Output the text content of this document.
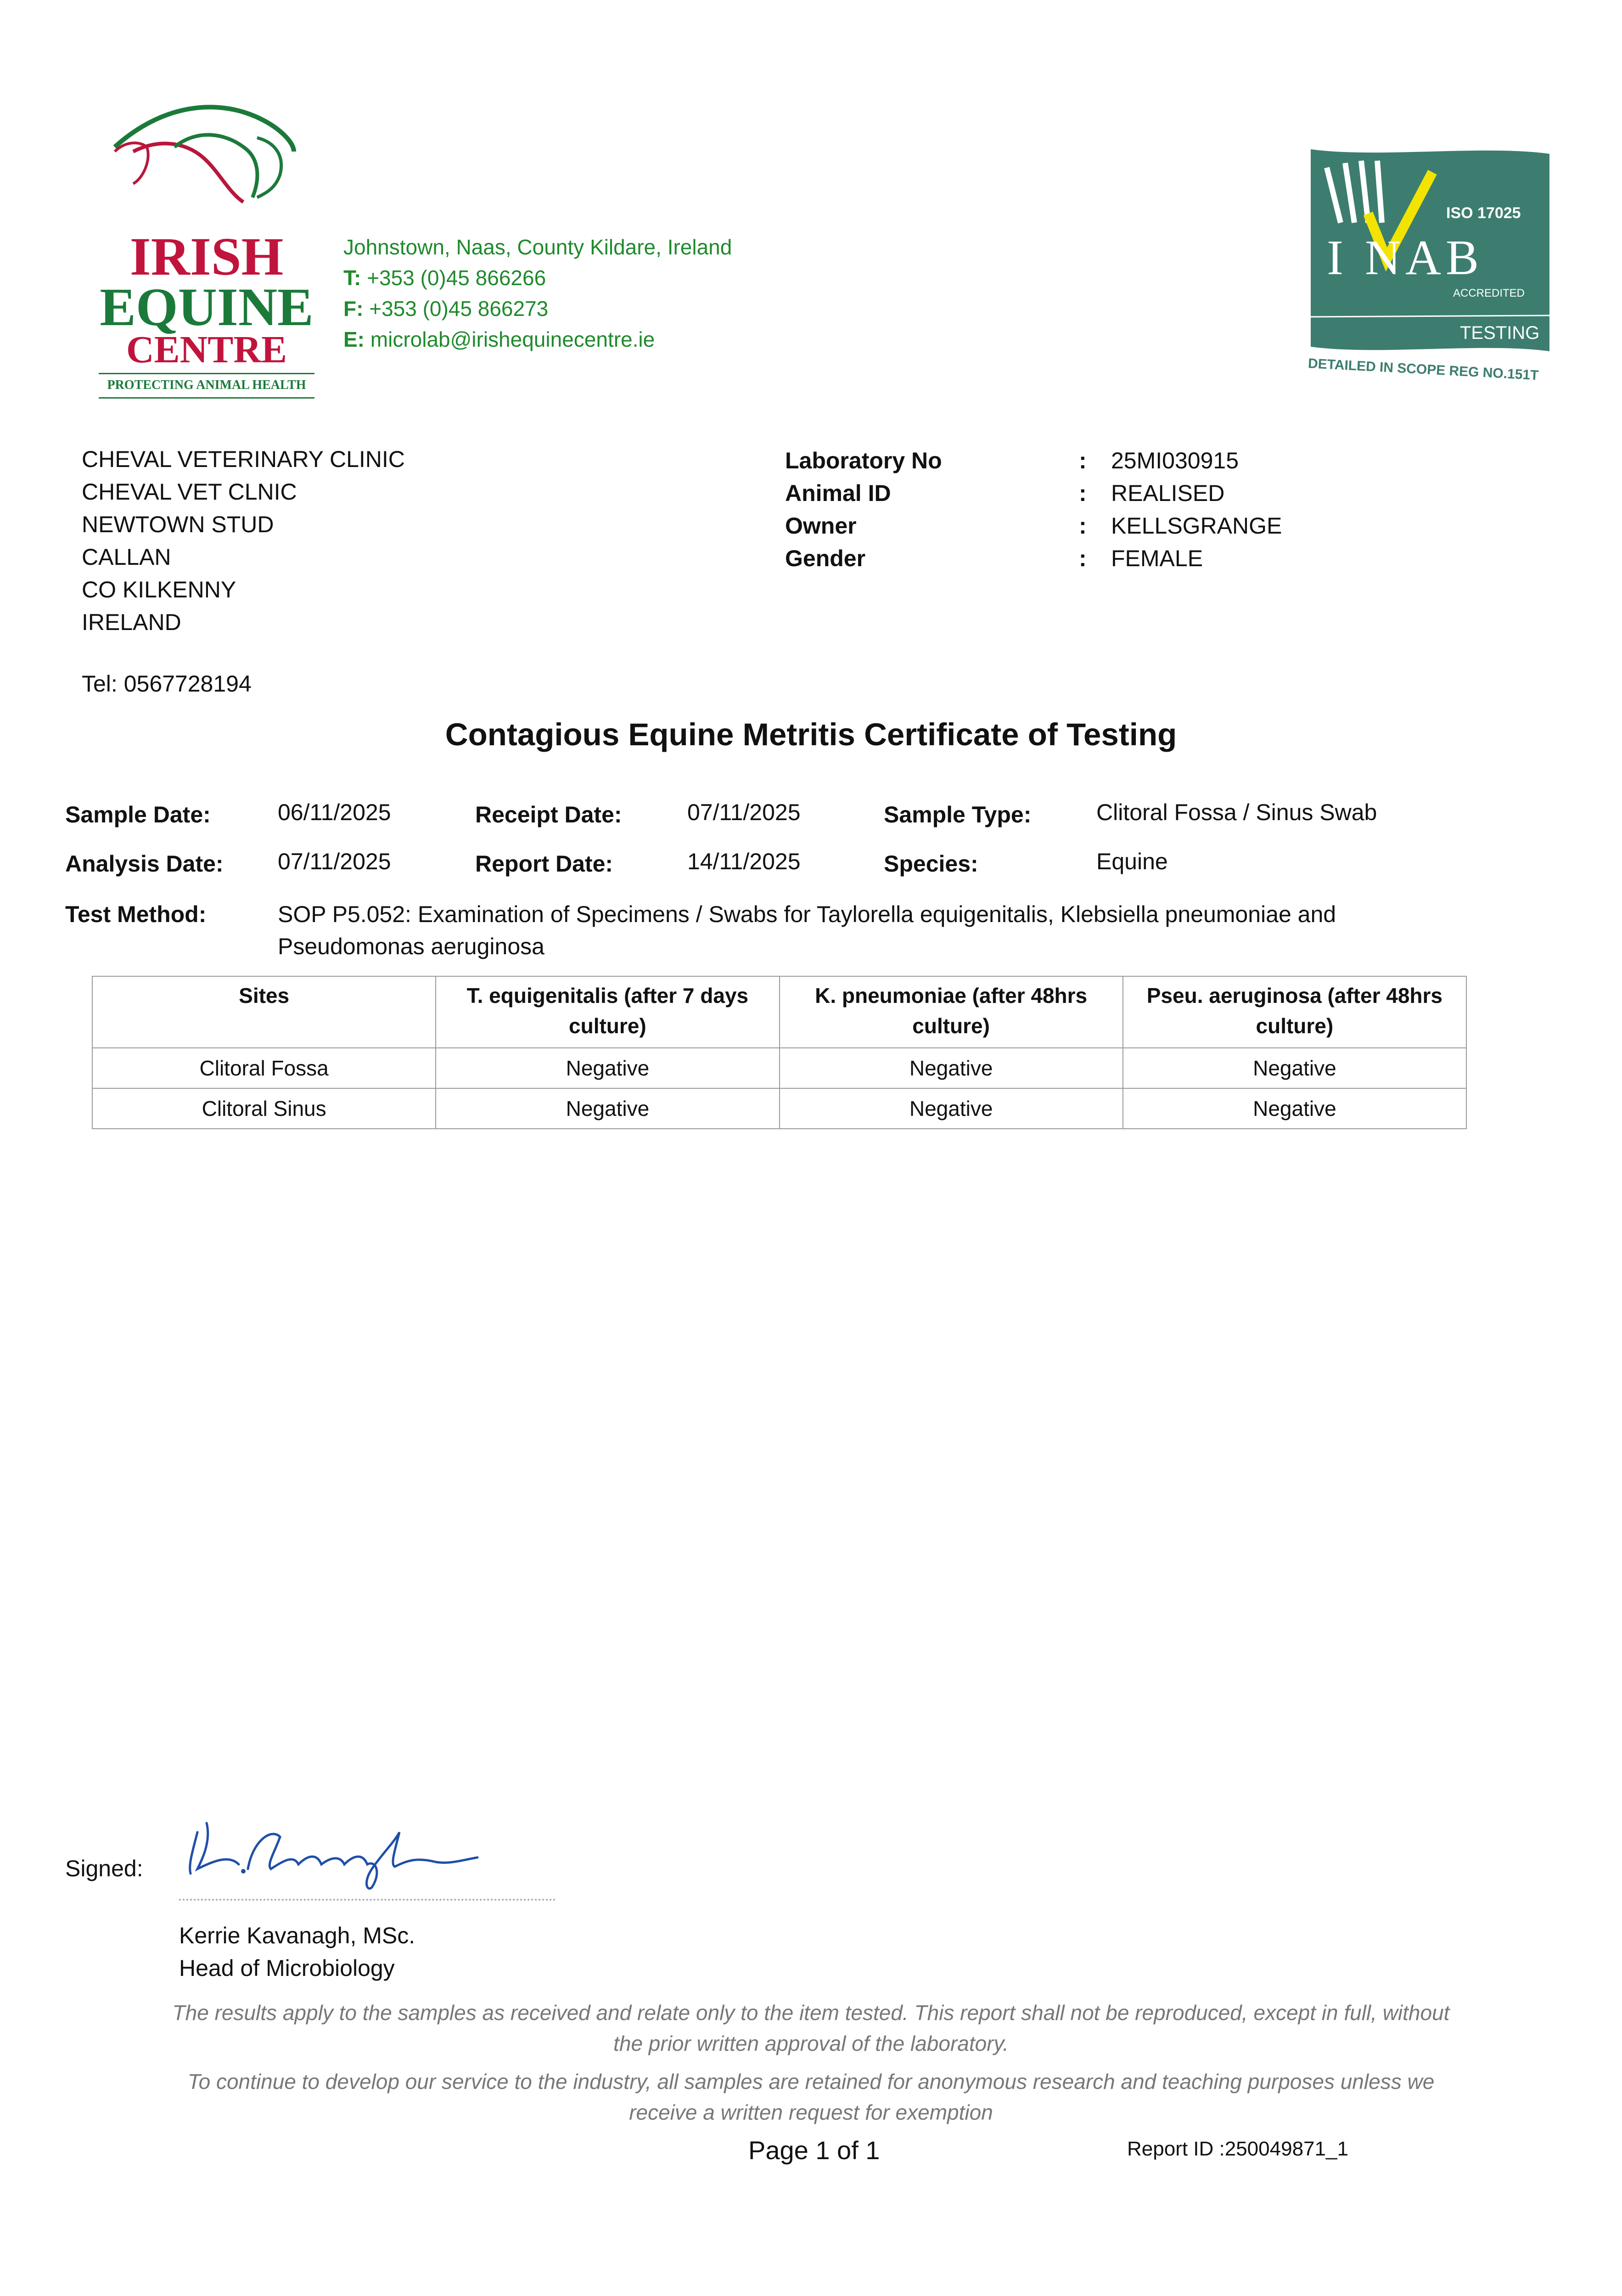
IRISH
EQUINE
CENTRE
PROTECTING ANIMAL HEALTH
Johnstown, Naas, County Kildare, Ireland
T: +353 (0)45 866266
F: +353 (0)45 866273
E: microlab@irishequinecentre.ie
ISO 17025
I NAB
ACCREDITED
TESTING
DETAILED IN SCOPE REG NO.151T
CHEVAL VETERINARY CLINIC
CHEVAL VET CLNIC
NEWTOWN STUD
CALLAN
CO KILKENNY
IRELAND
Tel: 0567728194
Laboratory No	:	25MI030915
Animal ID	:	REALISED
Owner	:	KELLSGRANGE
Gender	:	FEMALE
Contagious Equine Metritis Certificate of Testing
Sample Date:	06/11/2025	Receipt Date:	07/11/2025	Sample Type:	Clitoral Fossa / Sinus Swab
Analysis Date: 07/11/2025	Report Date:	14/11/2025	Species:	Equine
Test Method:	SOP P5.052: Examination of Specimens / Swabs for Taylorella equigenitalis, Klebsiella pneumoniae and
Pseudomonas aeruginosa
Sites	T. equigenitalis (after 7 days culture)	K. pneumoniae (after 48hrs culture)	Pseu. aeruginosa (after 48hrs culture)
Clitoral Fossa	Negative	Negative	Negative
Clitoral Sinus	Negative	Negative	Negative
Signed:
Kerrie Kavanagh, MSc.
Head of Microbiology
The results apply to the samples as received and relate only to the item tested. This report shall not be reproduced, except in full, without
the prior written approval of the laboratory.
To continue to develop our service to the industry, all samples are retained for anonymous research and teaching purposes unless we
receive a written request for exemption
Page 1 of 1	Report ID :250049871_1
